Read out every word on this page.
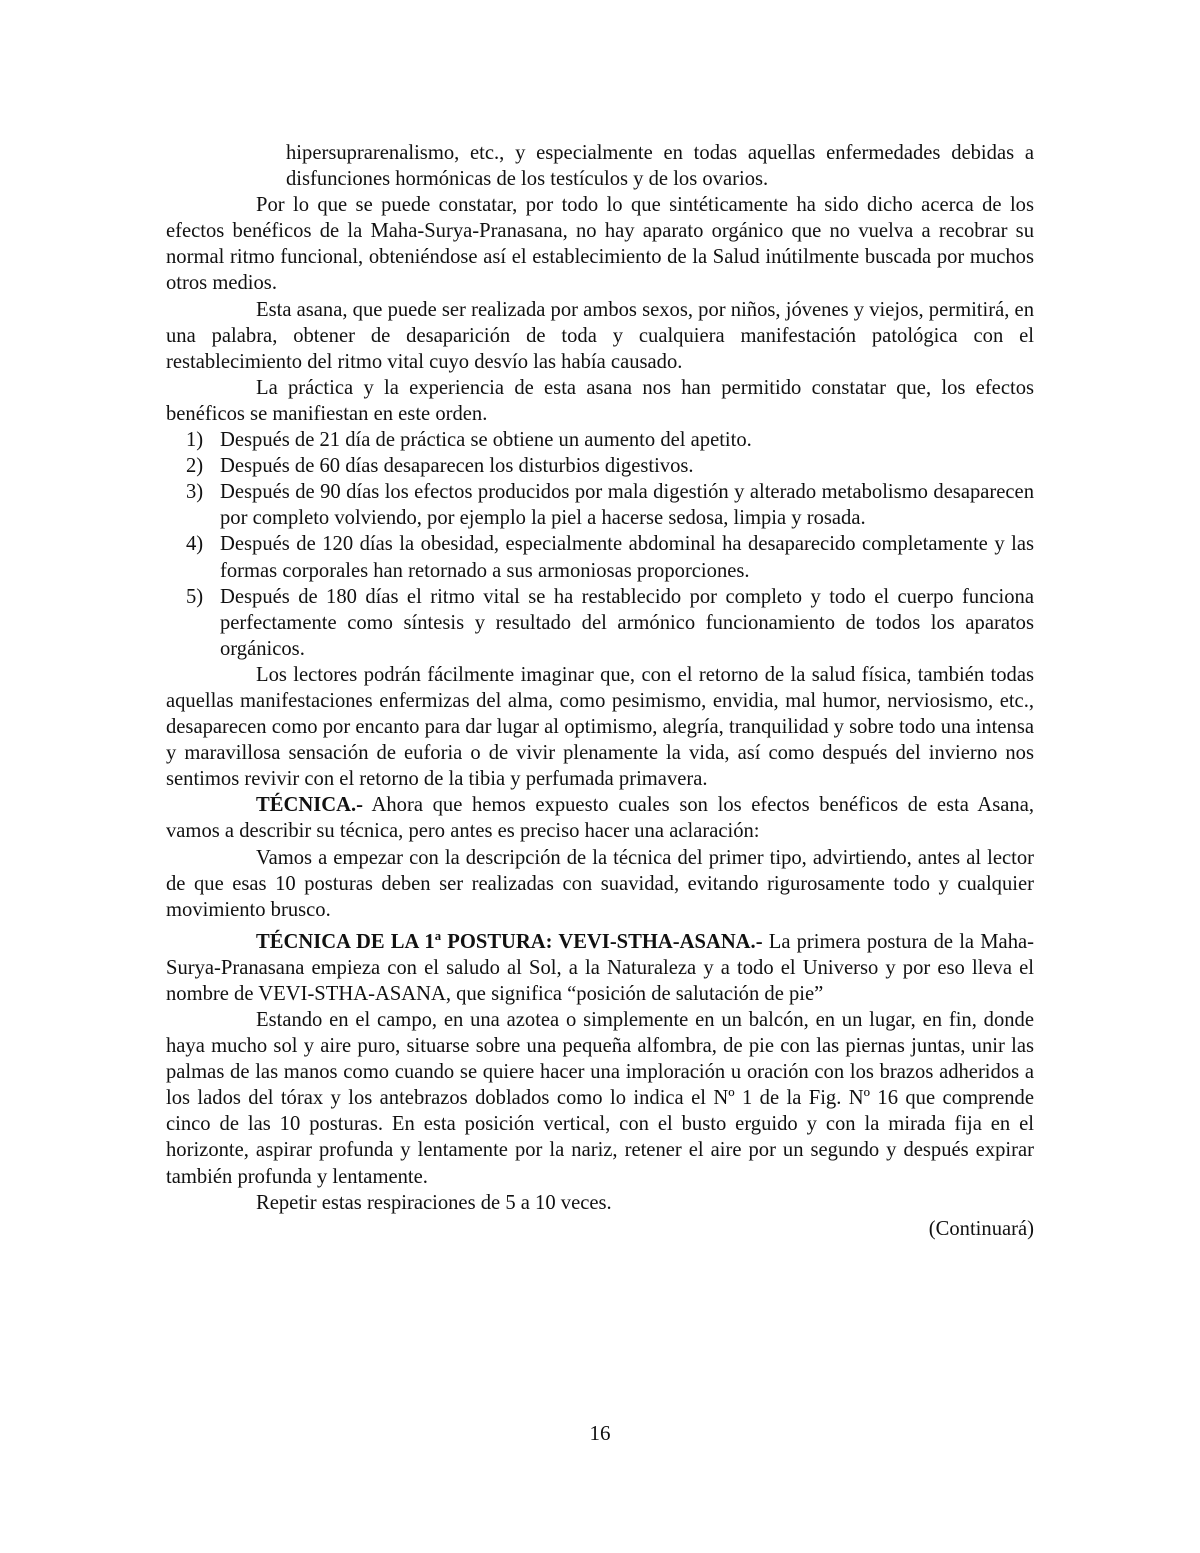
hipersuprarenalismo, etc., y especialmente en todas aquellas enfermedades debidas a disfunciones hormónicas de los testículos y de los ovarios.

Por lo que se puede constatar, por todo lo que sintéticamente ha sido dicho acerca de los efectos benéficos de la Maha-Surya-Pranasana, no hay aparato orgánico que no vuelva a recobrar su normal ritmo funcional, obteniéndose así el establecimiento de la Salud inútilmente buscada por muchos otros medios.

Esta asana, que puede ser realizada por ambos sexos, por niños, jóvenes y viejos, permitirá, en una palabra, obtener de desaparición de toda y cualquiera manifestación patológica con el restablecimiento del ritmo vital cuyo desvío las había causado.

La práctica y la experiencia de esta asana nos han permitido constatar que, los efectos benéficos se manifiestan en este orden.

1) Después de 21 día de práctica se obtiene un aumento del apetito.
2) Después de 60 días desaparecen los disturbios digestivos.
3) Después de 90 días los efectos producidos por mala digestión y alterado metabolismo desaparecen por completo volviendo, por ejemplo la piel a hacerse sedosa, limpia y rosada.
4) Después de 120 días la obesidad, especialmente abdominal ha desaparecido completamente y las formas corporales han retornado a sus armoniosas proporciones.
5) Después de 180 días el ritmo vital se ha restablecido por completo y todo el cuerpo funciona perfectamente como síntesis y resultado del armónico funcionamiento de todos los aparatos orgánicos.

Los lectores podrán fácilmente imaginar que, con el retorno de la salud física, también todas aquellas manifestaciones enfermizas del alma, como pesimismo, envidia, mal humor, nerviosismo, etc., desaparecen como por encanto para dar lugar al optimismo, alegría, tranquilidad y sobre todo una intensa y maravillosa sensación de euforia o de vivir plenamente la vida, así como después del invierno nos sentimos revivir con el retorno de la tibia y perfumada primavera.

TÉCNICA.- Ahora que hemos expuesto cuales son los efectos benéficos de esta Asana, vamos a describir su técnica, pero antes es preciso hacer una aclaración:

Vamos a empezar con la descripción de la técnica del primer tipo, advirtiendo, antes al lector de que esas 10 posturas deben ser realizadas con suavidad, evitando rigurosamente todo y cualquier movimiento brusco.

TÉCNICA DE LA 1$^a$ POSTURA: VEVI-STHA-ASANA.- La primera postura de la Maha-Surya-Pranasana empieza con el saludo al Sol, a la Naturaleza y a todo el Universo y por eso lleva el nombre de VEVI-STHA-ASANA, que significa “posición de salutación de pie”

Estando en el campo, en una azotea o simplemente en un balcón, en un lugar, en fin, donde haya mucho sol y aire puro, situarse sobre una pequeña alfombra, de pie con las piernas juntas, unir las palmas de las manos como cuando se quiere hacer una imploración u oración con los brazos adheridos a los lados del tórax y los antebrazos doblados como lo indica el Nº 1 de la Fig. Nº 16 que comprende cinco de las 10 posturas. En esta posición vertical, con el busto erguido y con la mirada fija en el horizonte, aspirar profunda y lentamente por la nariz, retener el aire por un segundo y después expirar también profunda y lentamente.

Repetir estas respiraciones de 5 a 10 veces.

(Continuará)

16
